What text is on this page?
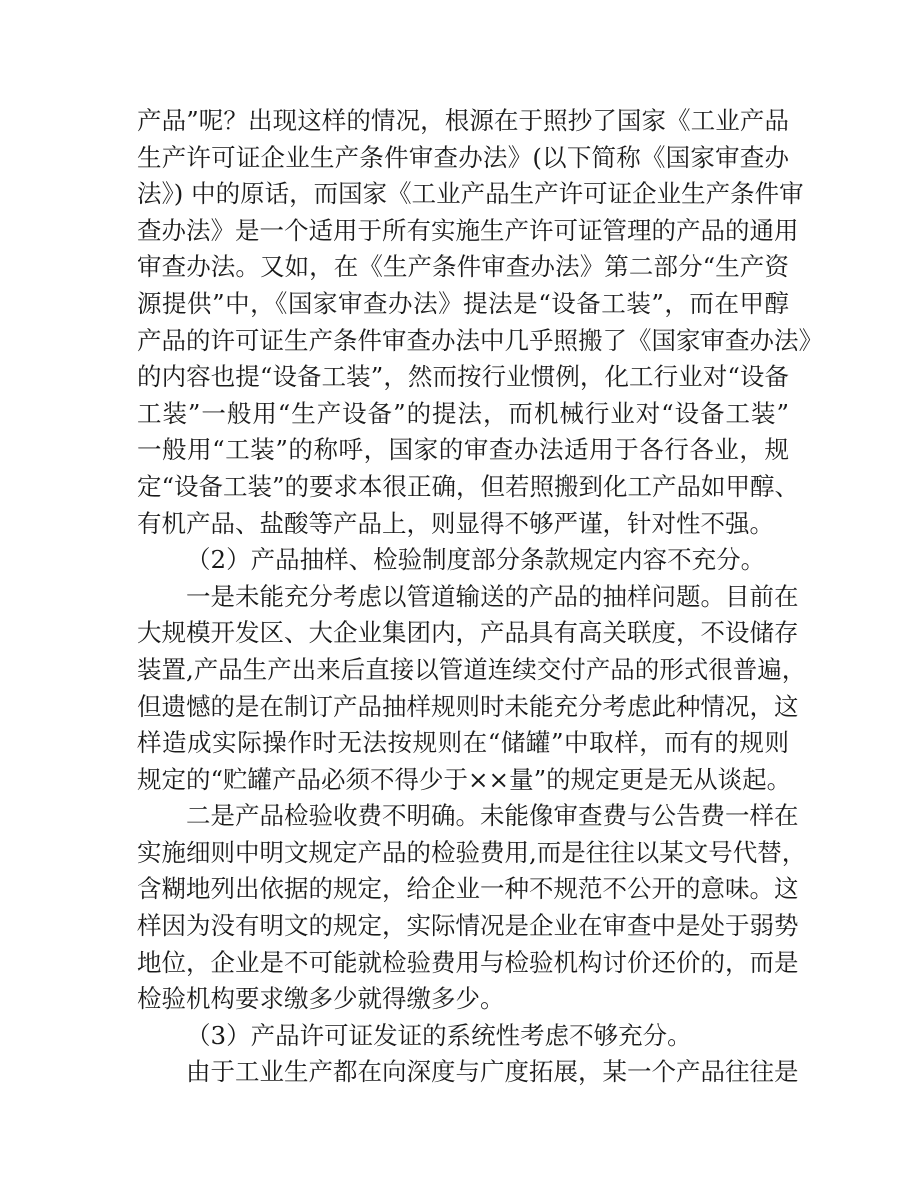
产品”呢？出现这样的情况，根源在于照抄了国家《工业产品
生产许可证企业生产条件审查办法》(以下简称《国家审查办
法》) 中的原话，而国家《工业产品生产许可证企业生产条件审
查办法》是一个适用于所有实施生产许可证管理的产品的通用
审查办法。又如，在《生产条件审查办法》第二部分“生产资
源提供”中，《国家审查办法》提法是“设备工装”，而在甲醇
产品的许可证生产条件审查办法中几乎照搬了《国家审查办法》
的内容也提“设备工装”，然而按行业惯例，化工行业对“设备
工装”一般用“生产设备”的提法，而机械行业对“设备工装”
一般用“工装”的称呼，国家的审查办法适用于各行各业，规
定“设备工装”的要求本很正确，但若照搬到化工产品如甲醇、
有机产品、盐酸等产品上，则显得不够严谨，针对性不强。
（2）产品抽样、检验制度部分条款规定内容不充分。
一是未能充分考虑以管道输送的产品的抽样问题。目前在
大规模开发区、大企业集团内，产品具有高关联度，不设储存
装置,产品生产出来后直接以管道连续交付产品的形式很普遍，
但遗憾的是在制订产品抽样规则时未能充分考虑此种情况，这
样造成实际操作时无法按规则在“储罐”中取样，而有的规则
规定的“贮罐产品必须不得少于××量”的规定更是无从谈起。
二是产品检验收费不明确。未能像审查费与公告费一样在
实施细则中明文规定产品的检验费用,而是往往以某文号代替，
含糊地列出依据的规定，给企业一种不规范不公开的意味。这
样因为没有明文的规定，实际情况是企业在审查中是处于弱势
地位，企业是不可能就检验费用与检验机构讨价还价的，而是
检验机构要求缴多少就得缴多少。
（3）产品许可证发证的系统性考虑不够充分。
由于工业生产都在向深度与广度拓展，某一个产品往往是
